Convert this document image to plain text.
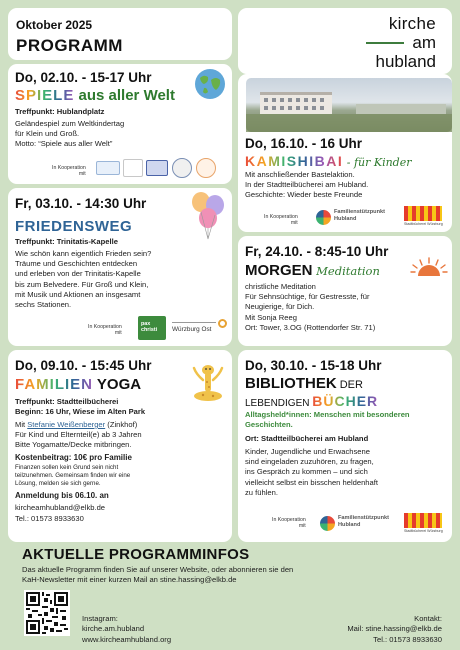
Oktober 2025
PROGRAMM
kirche
am
hubland
Do, 02.10. - 15-17 Uhr
SPIELE aus aller Welt
Treffpunkt: Hublandplatz
Geländespiel zum Weltkindertag
für Klein und Groß.
Motto: “Spiele aus aller Welt”
In Kooperation
mit
Do, 16.10. - 16 Uhr
KAMISHIBAI - für Kinder
Mit anschließender Bastelaktion.
In der Stadtteilbücherei am Hubland.
Geschichte: Wieder beste Freunde
In Kooperation
mit
Familienstützpunkt
Hubland
Stadtbücherei Würzburg
Fr, 03.10. - 14:30 Uhr
FRIEDENSWEG
Treffpunkt: Trinitatis-Kapelle
Wie schön kann eigentlich Frieden sein?
Träume und Geschichten entdecken
und erleben von der Trinitatis-Kapelle
bis zum Belvedere. Für Groß und Klein,
mit Musik und Aktionen an insgesamt
sechs Stationen.
In Kooperation
mit
pax christi	Würzburg Ost
Fr, 24.10. - 8:45-10 Uhr
MORGEN Meditation
christliche Meditation
Für Sehnsüchtige, für Gestresste, für
Neugierige, für Dich.
Mit Sonja Reeg
Ort: Tower, 3.OG (Rottendorfer Str. 71)
Do, 09.10. - 15:45 Uhr
FAMILIEN YOGA
Treffpunkt: Stadtteilbücherei
Beginn: 16 Uhr, Wiese im Alten Park
Mit Stefanie Weißenberger (Zinkhof)
Für Kind und Elternteil(e) ab 3 Jahren
Bitte Yogamatte/Decke mitbringen.
Kostenbeitrag: 10€ pro Familie
Finanzen sollen kein Grund sein nicht
teilzunehmen. Gemeinsam finden wir eine
Lösung, melden sie sich gerne.
Anmeldung bis 06.10. an
kircheamhubland@elkb.de
Tel.: 01573 8933630
Do, 30.10. - 15-18 Uhr
BIBLIOTHEK DER
LEBENDIGEN BÜCHER
Alltagsheld*innen: Menschen mit besonderen Geschichten.
Ort: Stadtteilbücherei am Hubland
Kinder, Jugendliche und Erwachsene
sind eingeladen zuzuhören, zu fragen,
ins Gespräch zu kommen – und sich
vielleicht selbst ein bisschen heldenhaft
zu fühlen.
In Kooperation
mit
Familienstützpunkt
Hubland
Stadtbücherei Würzburg
AKTUELLE PROGRAMMINFOS
Das aktuelle Programm finden Sie auf unserer Website, oder abonnieren sie den
KaH-Newsletter mit einer kurzen Mail an stine.hassing@elkb.de
Instagram:
kirche.am.hubland
www.kircheamhubland.org
Kontakt:
Mail: stine.hassing@elkb.de
Tel.: 01573 8933630
